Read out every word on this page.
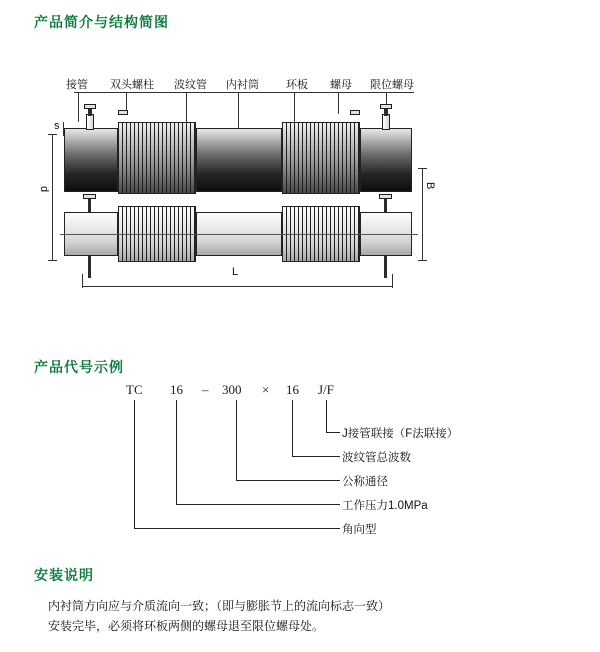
产品简介与结构简图
产品代号示例
安装说明
接管 双头螺柱 波纹管 内衬筒 环板 螺母 限位螺母
s
d	B
L
TC 16 – 300 × 16 J/F
J接管联接（F法联接）
波纹管总波数
公称通径
工作压力1.0MPa
角向型
内衬筒方向应与介质流向一致；（即与膨胀节上的流向标志一致）
安装完毕，必须将环板两侧的螺母退至限位螺母处。
